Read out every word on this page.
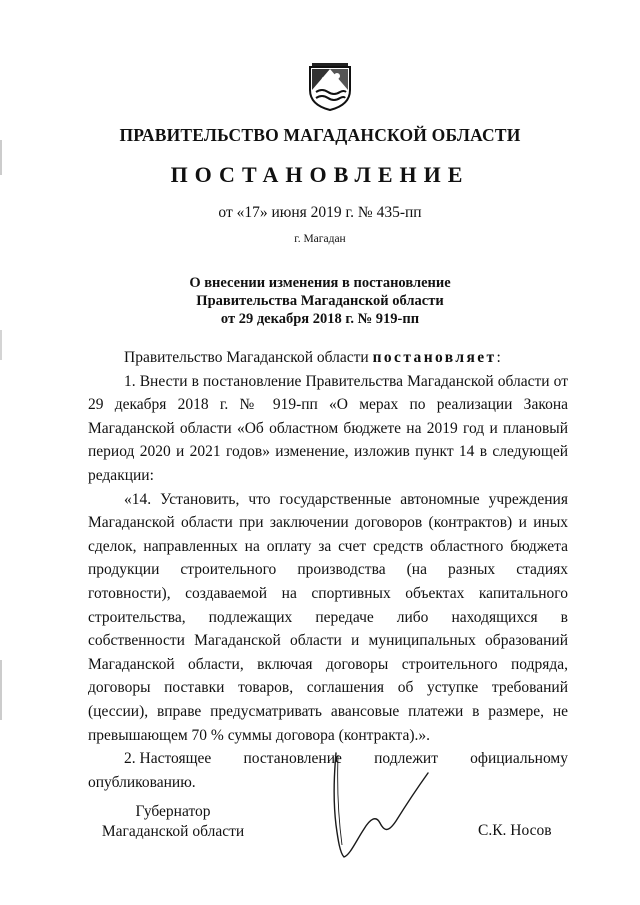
ПРАВИТЕЛЬСТВО МАГАДАНСКОЙ ОБЛАСТИ
ПОСТАНОВЛЕНИЕ
от «17» июня 2019 г. № 435-пп
г. Магадан
О внесении изменения в постановление
Правительства Магаданской области
от 29 декабря 2018 г. № 919-пп

Правительство Магаданской области постановляет:

1. Внести в постановление Правительства Магаданской области от 29 декабря 2018 г. № 919-пп «О мерах по реализации Закона Магаданской области «Об областном бюджете на 2019 год и плановый период 2020 и 2021 годов» изменение, изложив пункт 14 в следующей редакции:

«14. Установить, что государственные автономные учреждения Магаданской области при заключении договоров (контрактов) и иных сделок, направленных на оплату за счет средств областного бюджета продукции строительного производства (на разных стадиях готовности), создаваемой на спортивных объектах капитального строительства, подлежащих передаче либо находящихся в собственности Магаданской области и муниципальных образований Магаданской области, включая договоры строительного подряда, договоры поставки товаров, соглашения об уступке требований (цессии), вправе предусматривать авансовые платежи в размере, не превышающем 70 % суммы договора (контракта).».

2. Настоящее постановление подлежит официальному

опубликованию.

Губернатор
Магаданской области	С.К. Носов
